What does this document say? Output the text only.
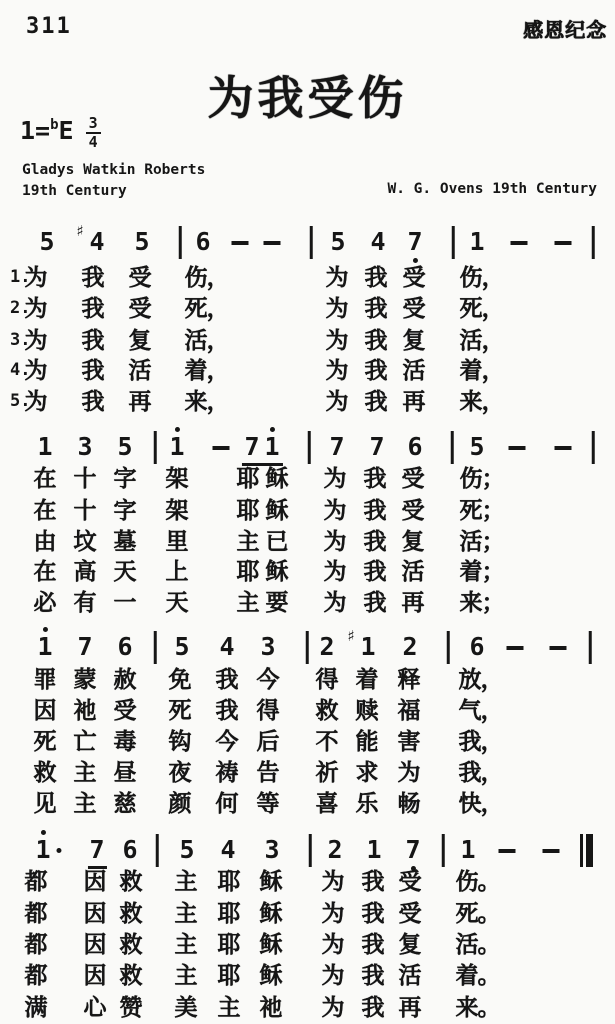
311	感恩纪念
为我受伤
$1=^bE \frac{3}{4}$
Gladys Watkin Roberts
19th Century	W. G. Ovens 19th Century
5 4
♯ 5 6	5 4 7 1
1.
为 我 受 伤 ，	为 我 受 伤 ，
2.
为 我 受 死 ，	为 我 受 死 ，
3.
为 我 复 活 ，	为 我 复 活 ，
4.
为 我 活 着 ，	为 我 活 着 ，
5.
为 我 再 来 ，	为 我 再 来 ，
1 3 5 1 7 1 7 7 6 5
在 十 字 架 耶 稣 为 我 受 伤 ；
在 十 字 架 耶 稣 为 我 受 死 ；
由 坟 墓 里 主 已 为 我 复 活 ；
在 高 天 上 耶 稣 为 我 活 着 ；
必 有 一 天 主 要 为 我 再 来 ；
1 7 6 5 4 3 2 1
♯ 2 6
罪 蒙 赦 免 我 今 得 着 释 放 ，
因 祂 受 死 我 得 救 赎 福 气 ，
死 亡 毒 钩 今 后 不 能 害 我 ，
救 主 昼 夜 祷 告 祈 求 为 我 ，
见 主 慈 颜 何 等 喜 乐 畅 快 ，
1 7 6 5 4 3 2 1 7 1
都 因 救 主 耶 稣 为 我 受 伤 。
都 因 救 主 耶 稣 为 我 受 死 。
都 因 救 主 耶 稣 为 我 复 活 。
都 因 救 主 耶 稣 为 我 活 着 。
满 心 赞 美 主 祂 为 我 再 来 。
